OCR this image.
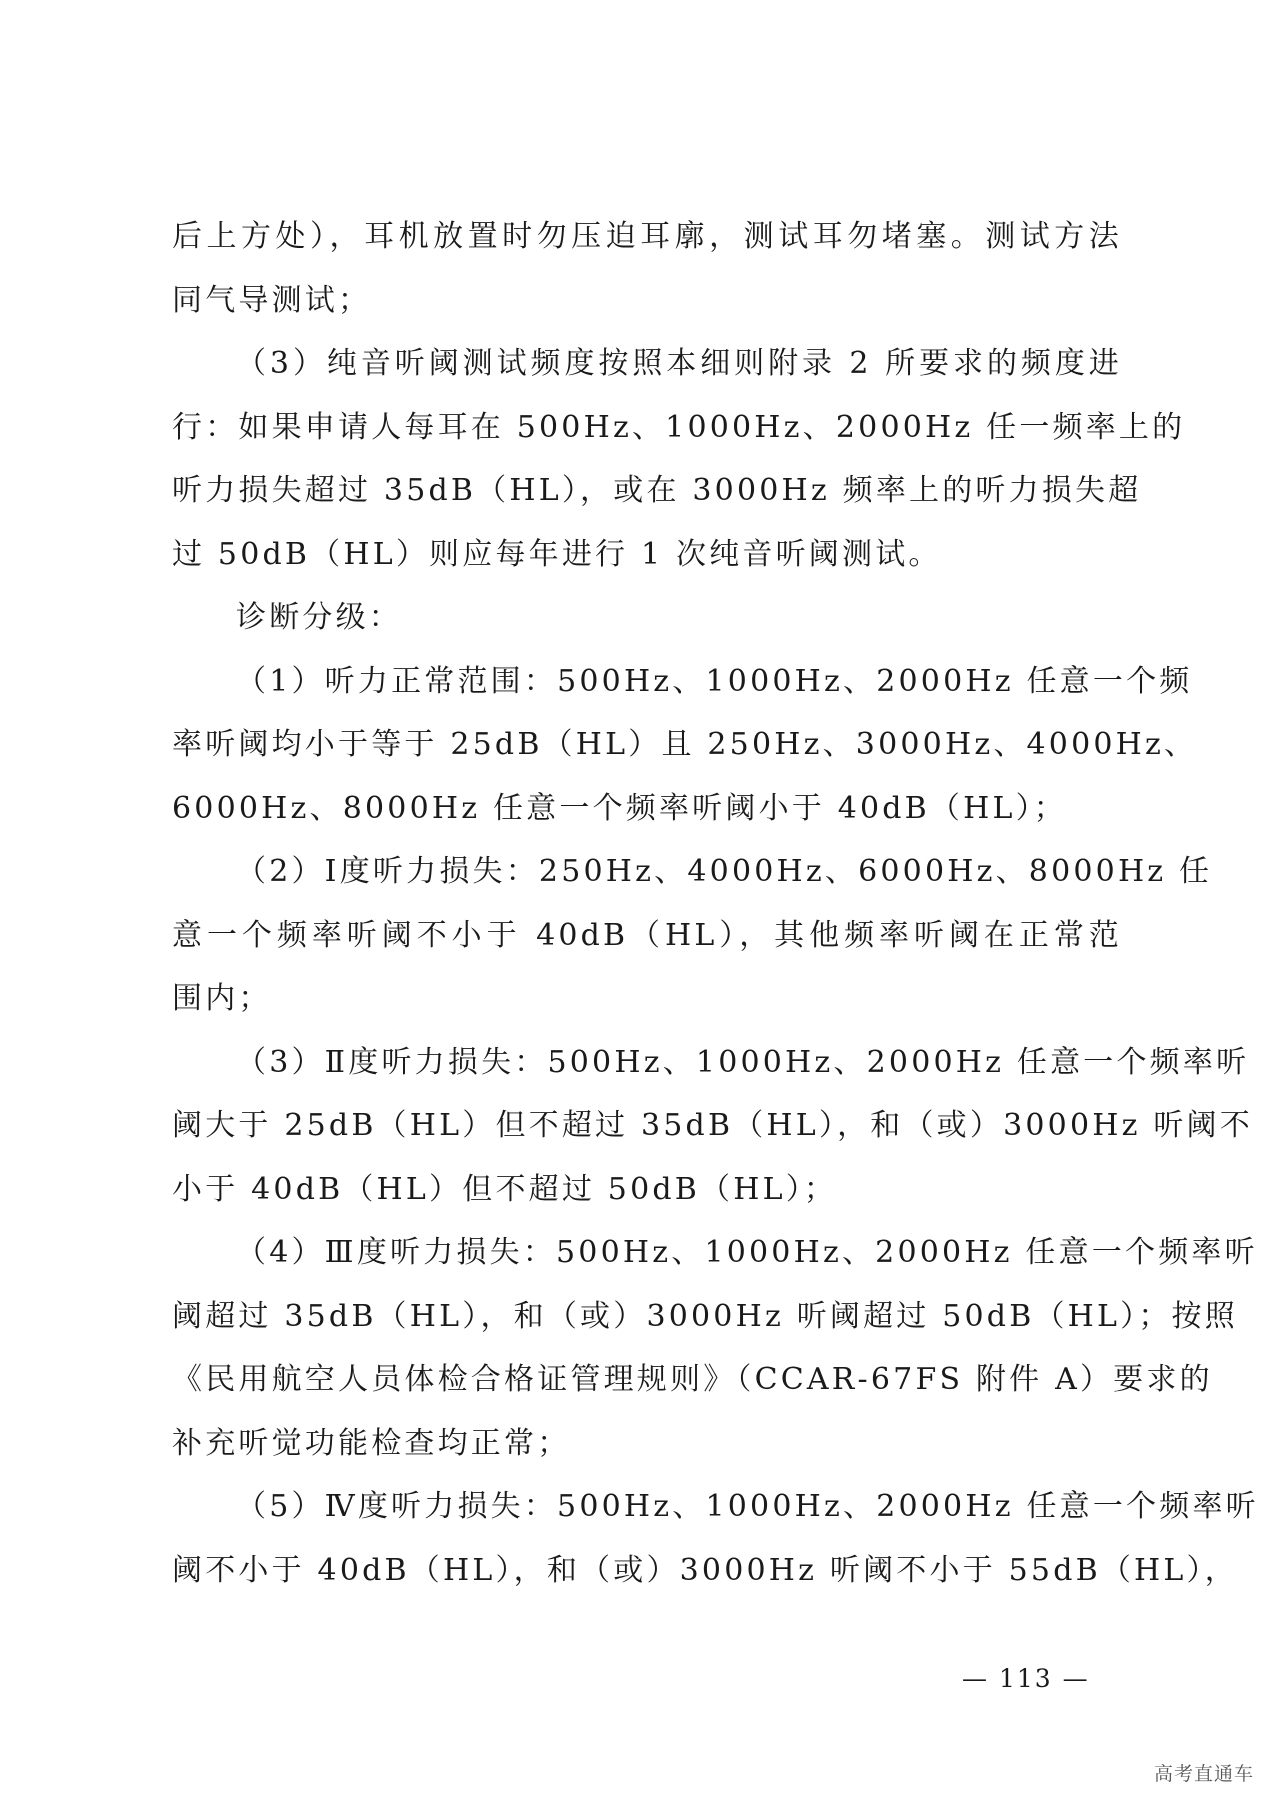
后上方处），耳机放置时勿压迫耳廓，测试耳勿堵塞。测试方法
同气导测试；
（3）纯音听阈测试频度按照本细则附录 2 所要求的频度进
行：如果申请人每耳在 500Hz、1000Hz、2000Hz 任一频率上的
听力损失超过 35dB（HL），或在 3000Hz 频率上的听力损失超
过 50dB（HL）则应每年进行 1 次纯音听阈测试。
诊断分级：
（1）听力正常范围：500Hz、1000Hz、2000Hz 任意一个频
率听阈均小于等于 25dB（HL）且 250Hz、3000Hz、4000Hz、
6000Hz、8000Hz 任意一个频率听阈小于 40dB（HL）；
（2）Ⅰ度听力损失：250Hz、4000Hz、6000Hz、8000Hz 任
意一个频率听阈不小于 40dB（HL），其他频率听阈在正常范
围内；
（3）Ⅱ度听力损失：500Hz、1000Hz、2000Hz 任意一个频率听
阈大于 25dB（HL）但不超过 35dB（HL），和（或）3000Hz 听阈不
小于 40dB（HL）但不超过 50dB（HL）；
（4）Ⅲ度听力损失：500Hz、1000Hz、2000Hz 任意一个频率听
阈超过 35dB（HL），和（或）3000Hz 听阈超过 50dB（HL）；按照
《民用航空人员体检合格证管理规则》（CCAR-67FS 附件 A）要求的
补充听觉功能检查均正常；
（5）Ⅳ度听力损失：500Hz、1000Hz、2000Hz 任意一个频率听
阈不小于 40dB（HL），和（或）3000Hz 听阈不小于 55dB（HL），
— 113 —
高考直通车
